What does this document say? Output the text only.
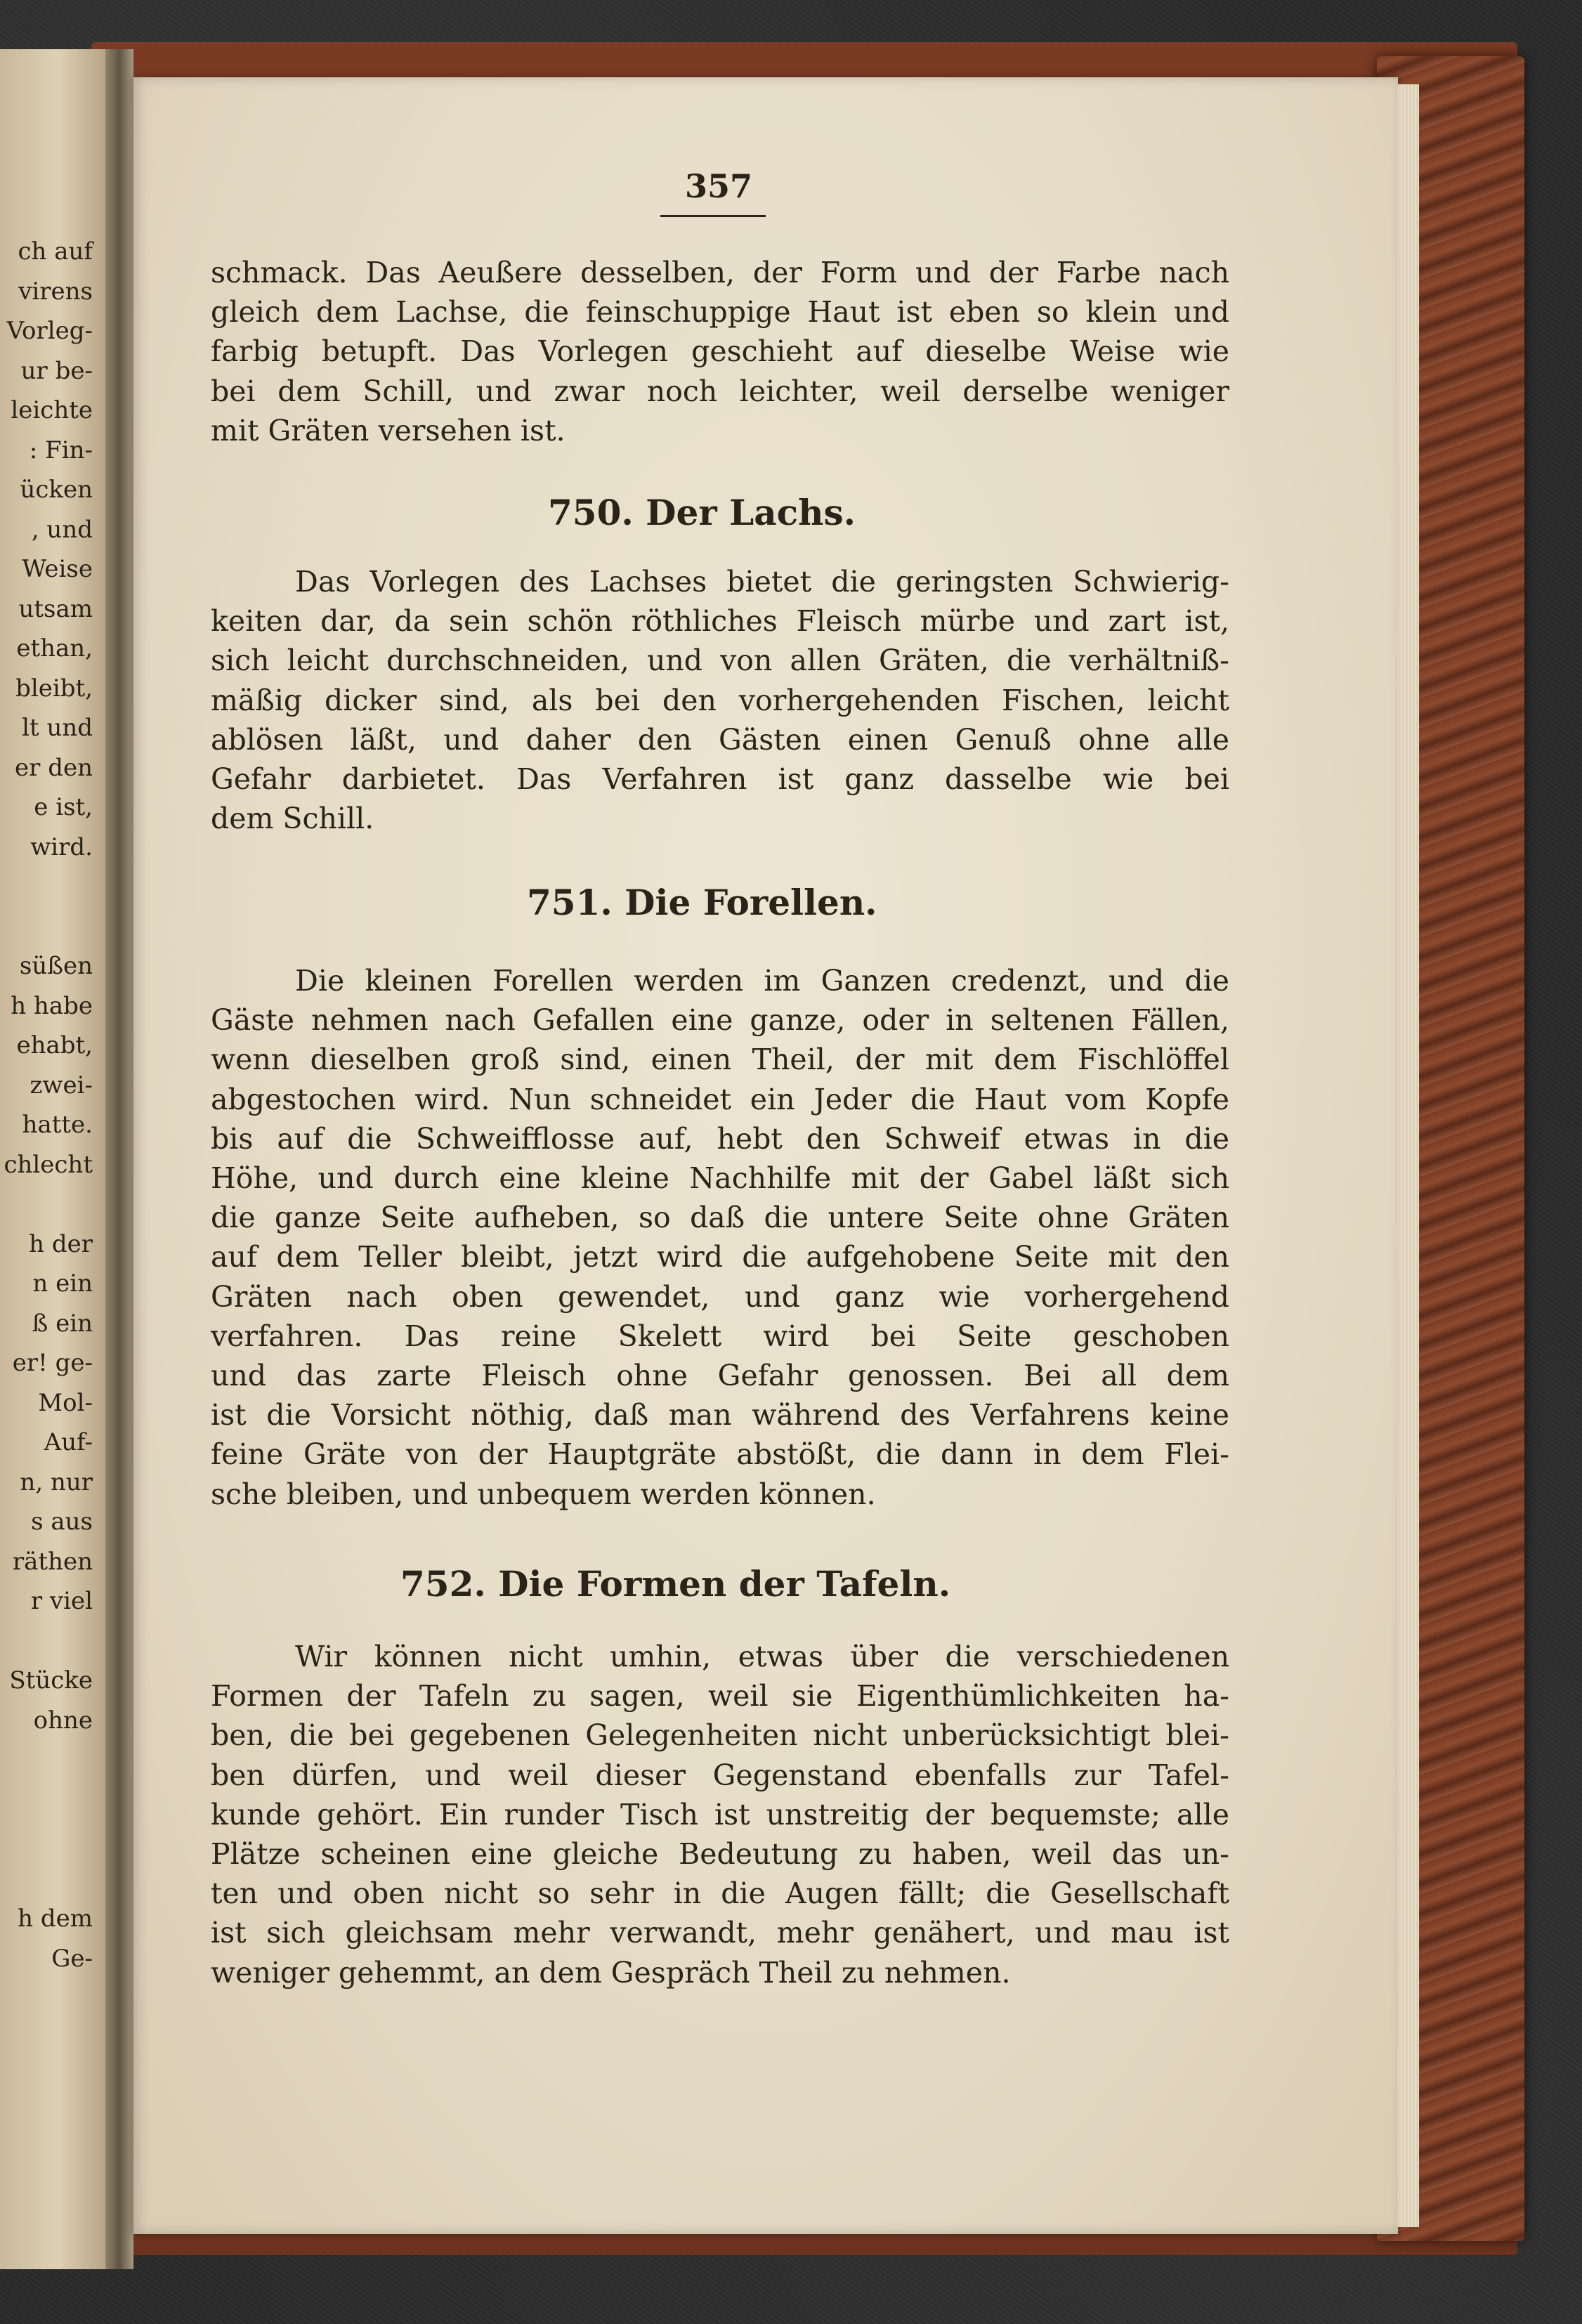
ch auf
virens
Vorleg-
ur be-
leichte
: Fin-
ücken
, und
Weise
utsam
ethan,
bleibt,
lt und
er den
e ist,
wird.
süßen
h habe
ehabt,
zwei-
hatte.
chlecht
h der
n ein
ß ein
er! ge-
Mol-
Auf-
n, nur
s aus
räthen
r viel
Stücke
ohne
h dem
Ge-
357
schmack. Das Aeußere desselben, der Form und der Farbe nach
gleich dem Lachse, die feinschuppige Haut ist eben so klein und
farbig betupft. Das Vorlegen geschieht auf dieselbe Weise wie
bei dem Schill, und zwar noch leichter, weil derselbe weniger
mit Gräten versehen ist.
750. Der Lachs.
Das Vorlegen des Lachses bietet die geringsten Schwierig-
keiten dar, da sein schön röthliches Fleisch mürbe und zart ist,
sich leicht durchschneiden, und von allen Gräten, die verhältniß-
mäßig dicker sind, als bei den vorhergehenden Fischen, leicht
ablösen läßt, und daher den Gästen einen Genuß ohne alle
Gefahr darbietet. Das Verfahren ist ganz dasselbe wie bei
dem Schill.
751. Die Forellen.
Die kleinen Forellen werden im Ganzen credenzt, und die
Gäste nehmen nach Gefallen eine ganze, oder in seltenen Fällen,
wenn dieselben groß sind, einen Theil, der mit dem Fischlöffel
abgestochen wird. Nun schneidet ein Jeder die Haut vom Kopfe
bis auf die Schweifflosse auf, hebt den Schweif etwas in die
Höhe, und durch eine kleine Nachhilfe mit der Gabel läßt sich
die ganze Seite aufheben, so daß die untere Seite ohne Gräten
auf dem Teller bleibt, jetzt wird die aufgehobene Seite mit den
Gräten nach oben gewendet, und ganz wie vorhergehend
verfahren. Das reine Skelett wird bei Seite geschoben
und das zarte Fleisch ohne Gefahr genossen. Bei all dem
ist die Vorsicht nöthig, daß man während des Verfahrens keine
feine Gräte von der Hauptgräte abstößt, die dann in dem Flei-
sche bleiben, und unbequem werden können.
752. Die Formen der Tafeln.
Wir können nicht umhin, etwas über die verschiedenen
Formen der Tafeln zu sagen, weil sie Eigenthümlichkeiten ha-
ben, die bei gegebenen Gelegenheiten nicht unberücksichtigt blei-
ben dürfen, und weil dieser Gegenstand ebenfalls zur Tafel-
kunde gehört. Ein runder Tisch ist unstreitig der bequemste; alle
Plätze scheinen eine gleiche Bedeutung zu haben, weil das un-
ten und oben nicht so sehr in die Augen fällt; die Gesellschaft
ist sich gleichsam mehr verwandt, mehr genähert, und mau ist
weniger gehemmt, an dem Gespräch Theil zu nehmen.
